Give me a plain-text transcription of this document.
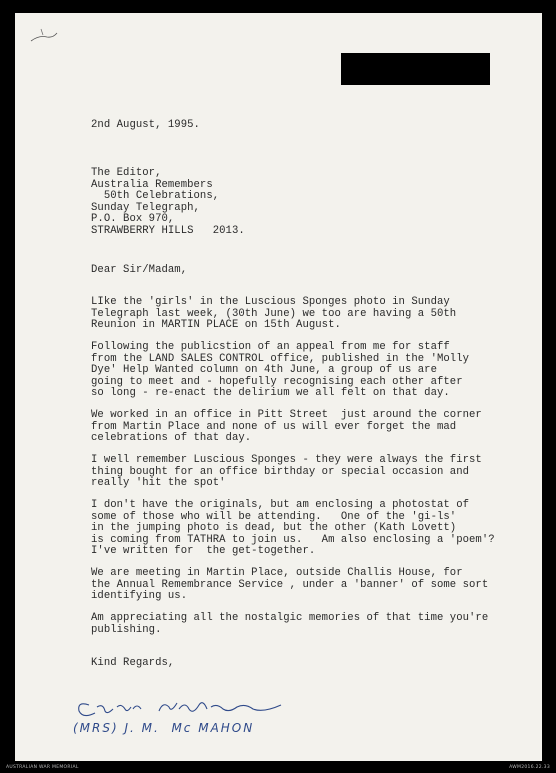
2nd August, 1995.
The Editor,
Australia Remembers
50th Celebrations,
Sunday Telegraph,
P.O. Box 970,
STRAWBERRY HILLS   2013.
Dear Sir/Madam,
LIke the 'girls' in the Luscious Sponges photo in Sunday
Telegraph last week, (30th June) we too are having a 50th
Reunion in MARTIN PLACE on 15th August.
Following the publicstion of an appeal from me for staff
from the LAND SALES CONTROL office, published in the 'Molly
Dye' Help Wanted column on 4th June, a group of us are
going to meet and - hopefully recognising each other after
so long - re-enact the delirium we all felt on that day.
We worked in an office in Pitt Street  just around the corner
from Martin Place and none of us will ever forget the mad
celebrations of that day.
I well remember Luscious Sponges - they were always the first
thing bought for an office birthday or special occasion and
really 'hit the spot'
I don't have the originals, but am enclosing a photostat of
some of those who will be attending.   One of the 'gi-ls'
in the jumping photo is dead, but the other (Kath Lovett)
is coming from TATHRA to join us.   Am also enclosing a 'poem'?
I've written for  the get-together.
We are meeting in Martin Place, outside Challis House, for
the Annual Remembrance Service , under a 'banner' of some sort
identifying us.
Am appreciating all the nostalgic memories of that time you're
publishing.
Kind Regards,
(MRS) J. M.  Mc MAHON
AUSTRALIAN WAR MEMORIAL	AWM2016.22.33
